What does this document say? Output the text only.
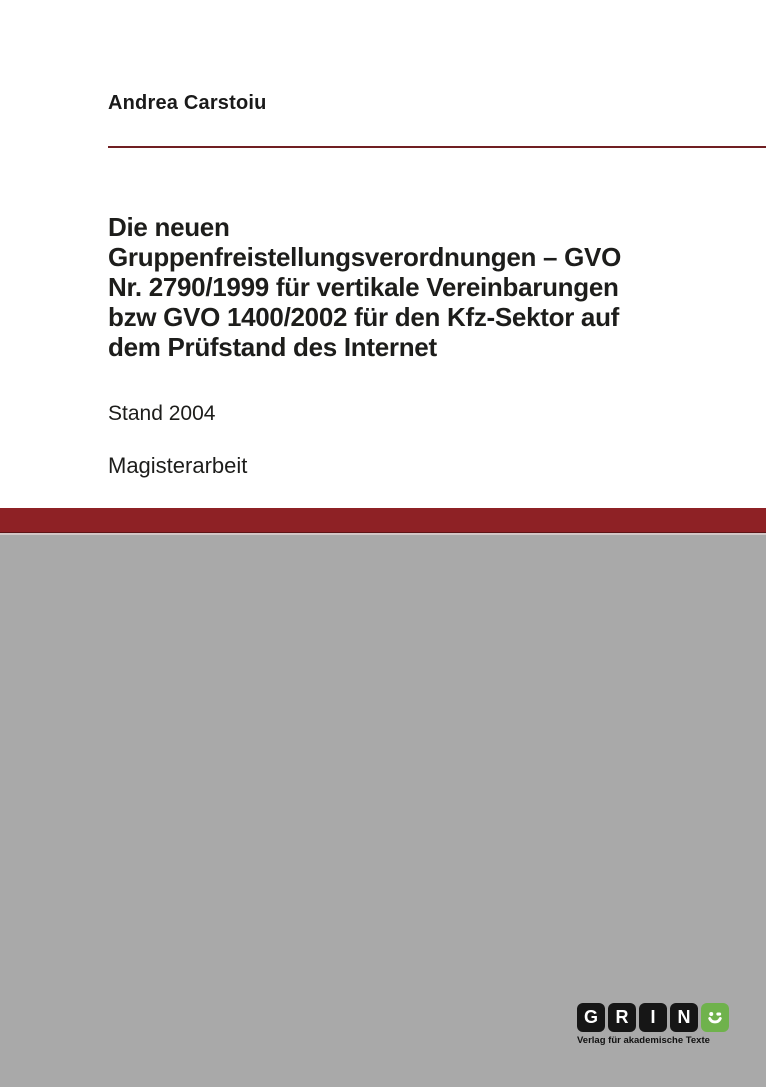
Andrea Carstoiu
Die neuen
Gruppenfreistellungsverordnungen – GVO
Nr. 2790/1999 für vertikale Vereinbarungen
bzw GVO 1400/2002 für den Kfz-Sektor auf
dem Prüfstand des Internet
Stand 2004
Magisterarbeit
G R	I	N
Verlag für akademische Texte
